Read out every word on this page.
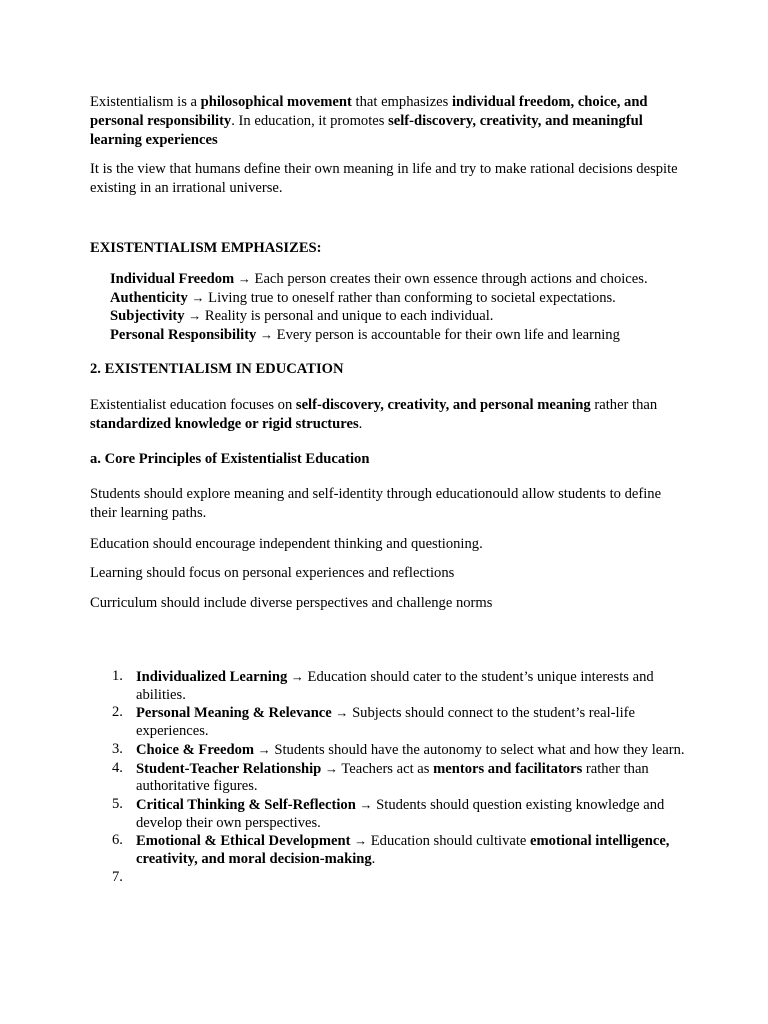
Existentialism is a philosophical movement that emphasizes individual freedom, choice, and personal responsibility. In education, it promotes self-discovery, creativity, and meaningful learning experiences

It is the view that humans define their own meaning in life and try to make rational decisions despite existing in an irrational universe.

EXISTENTIALISM EMPHASIZES:

Individual Freedom → Each person creates their own essence through actions and choices.
Authenticity → Living true to oneself rather than conforming to societal expectations.
Subjectivity → Reality is personal and unique to each individual.
Personal Responsibility → Every person is accountable for their own life and learning

2. EXISTENTIALISM IN EDUCATION

Existentialist education focuses on self-discovery, creativity, and personal meaning rather than standardized knowledge or rigid structures.

a. Core Principles of Existentialist Education

Students should explore meaning and self-identity through educationould allow students to define their learning paths.

Education should encourage independent thinking and questioning.

Learning should focus on personal experiences and reflections

Curriculum should include diverse perspectives and challenge norms

1. Individualized Learning → Education should cater to the student’s unique interests and abilities.
2. Personal Meaning & Relevance → Subjects should connect to the student’s real-life experiences.
3. Choice & Freedom → Students should have the autonomy to select what and how they learn.
4. Student-Teacher Relationship → Teachers act as mentors and facilitators rather than authoritative figures.
5. Critical Thinking & Self-Reflection → Students should question existing knowledge and develop their own perspectives.
6. Emotional & Ethical Development → Education should cultivate emotional intelligence, creativity, and moral decision-making.
7.
